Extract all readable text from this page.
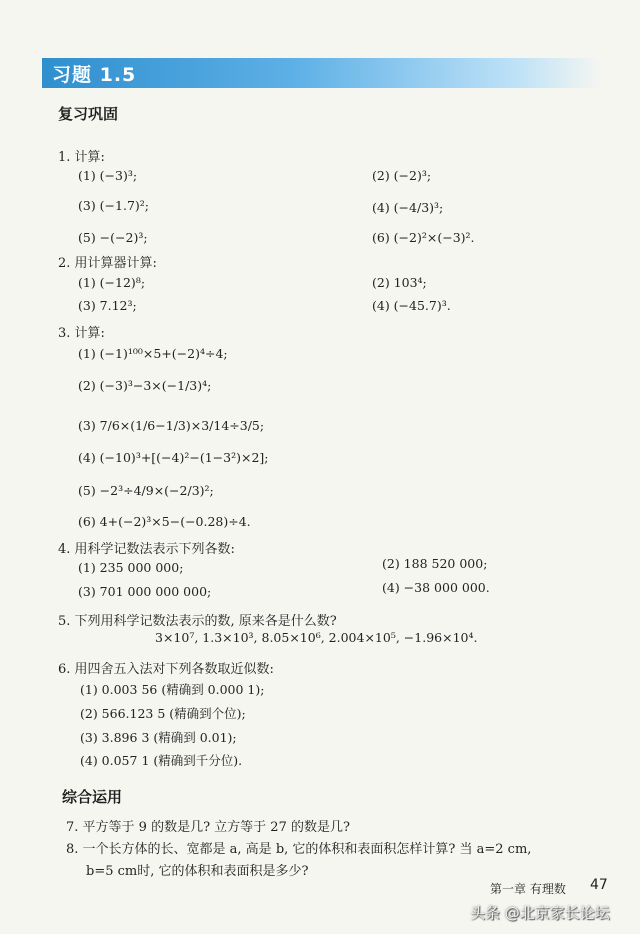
习题 1.5
复习巩固
1. 计算:
(1) (−3)³;	(2) (−2)³;
(3) (−1.7)²;	(4) (−4/3)³;
(5) −(−2)³;	(6) (−2)²×(−3)².
2. 用计算器计算:
(1) (−12)⁸;	(2) 103⁴;
(3) 7.12³;	(4) (−45.7)³.
3. 计算:
(1) (−1)¹⁰⁰×5+(−2)⁴÷4;
(2) (−3)³−3×(−1/3)⁴;
(3) 7/6×(1/6−1/3)×3/14÷3/5;
(4) (−10)³+[(−4)²−(1−3²)×2];
(5) −2³÷4/9×(−2/3)²;
(6) 4+(−2)³×5−(−0.28)÷4.
4. 用科学记数法表示下列各数:
(1) 235 000 000;	(2) 188 520 000;
(3) 701 000 000 000;	(4) −38 000 000.
5. 下列用科学记数法表示的数, 原来各是什么数?
3×10⁷, 1.3×10³, 8.05×10⁶, 2.004×10⁵, −1.96×10⁴.
6. 用四舍五入法对下列各数取近似数:
(1) 0.003 56 (精确到 0.000 1);
(2) 566.123 5 (精确到个位);
(3) 3.896 3 (精确到 0.01);
(4) 0.057 1 (精确到千分位).
综合运用
7. 平方等于 9 的数是几? 立方等于 27 的数是几?
8. 一个长方体的长、宽都是 a, 高是 b, 它的体积和表面积怎样计算? 当 a=2 cm,
b=5 cm时, 它的体积和表面积是多少?
第一章 有理数 47
头条 @北京家长论坛
